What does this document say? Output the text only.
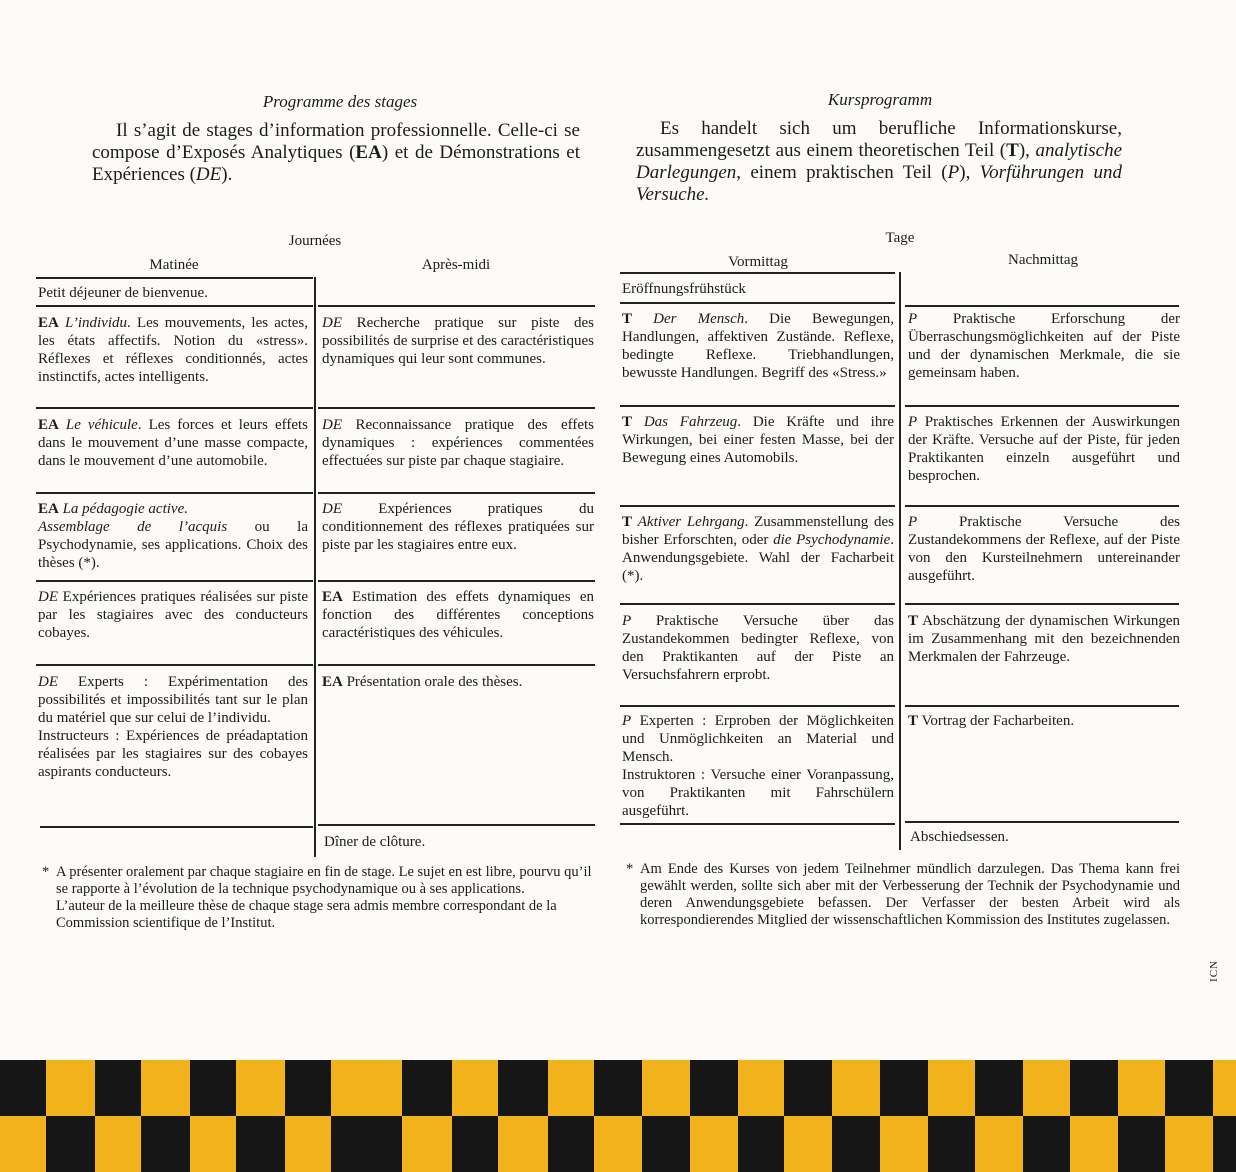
Programme des stages
Il s’agit de stages d’information professionnelle. Celle-ci se compose d’Exposés Analytiques (EA) et de Démonstrations et Expériences (DE).
Journées
Matinée	Après-midi
Petit déjeuner de bienvenue.
EA L’individu. Les mouvements, les actes, les états affectifs. Notion du «stress». Réflexes et réflexes conditionnés, actes instinctifs, actes intelligents.
EA Le véhicule. Les forces et leurs effets dans le mouvement d’une masse compacte, dans le mouvement d’une automobile.
EA La pédagogie active.
Assemblage de l’acquis ou la Psychodynamie, ses applications. Choix des thèses (*).
DE Expériences pratiques réalisées sur piste par les stagiaires avec des conducteurs cobayes.
DE Experts : Expérimentation des possibilités et impossibilités tant sur le plan du matériel que sur celui de l’individu.
Instructeurs : Expériences de préadaptation réalisées par les stagiaires sur des cobayes aspirants conducteurs.
DE Recherche pratique sur piste des possibilités de surprise et des caractéristiques dynamiques qui leur sont communes.
DE Reconnaissance pratique des effets dynamiques : expériences commentées effectuées sur piste par chaque stagiaire.
DE Expériences pratiques du conditionnement des réflexes pratiquées sur piste par les stagiaires entre eux.
EA Estimation des effets dynamiques en fonction des différentes conceptions caractéristiques des véhicules.
EA Présentation orale des thèses.
Dîner de clôture.
* A présenter oralement par chaque stagiaire en fin de stage. Le sujet en est libre, pourvu qu’il se rapporte à l’évolution de la technique psychodynamique ou à ses applications.

L’auteur de la meilleure thèse de chaque stage sera admis membre correspondant de la Commission scientifique de l’Institut.

Kursprogramm
Es handelt sich um berufliche Informationskurse, zusammengesetzt aus einem theoretischen Teil (T), analytische Darlegungen, einem praktischen Teil (P), Vorführungen und Versuche.
Tage
Vormittag	Nachmittag
Eröffnungsfrühstück
T Der Mensch. Die Bewegungen, Handlungen, affektiven Zustände. Reflexe, bedingte Reflexe. Triebhandlungen, bewusste Handlungen. Begriff des «Stress.»
T Das Fahrzeug. Die Kräfte und ihre Wirkungen, bei einer festen Masse, bei der Bewegung eines Automobils.
T Aktiver Lehrgang. Zusammenstellung des bisher Erforschten, oder die Psychodynamie. Anwendungsgebiete. Wahl der Facharbeit (*).
P Praktische Versuche über das Zustandekommen bedingter Reflexe, von den Praktikanten auf der Piste an Versuchsfahrern erprobt.
P Experten : Erproben der Möglichkeiten und Unmöglichkeiten an Material und Mensch.
Instruktoren : Versuche einer Voranpassung, von Praktikanten mit Fahrschülern ausgeführt.
P Praktische Erforschung der Überraschungsmöglichkeiten auf der Piste und der dynamischen Merkmale, die sie gemeinsam haben.
P Praktisches Erkennen der Auswirkungen der Kräfte. Versuche auf der Piste, für jeden Praktikanten einzeln ausgeführt und besprochen.
P Praktische Versuche des Zustandekommens der Reflexe, auf der Piste von den Kursteilnehmern untereinander ausgeführt.
T Abschätzung der dynamischen Wirkungen im Zusammenhang mit den bezeichnenden Merkmalen der Fahrzeuge.
T Vortrag der Facharbeiten.
Abschiedsessen.
* Am Ende des Kurses von jedem Teilnehmer mündlich darzulegen. Das Thema kann frei gewählt werden, sollte sich aber mit der Verbesserung der Technik der Psychodynamie und deren Anwendungsgebiete befassen. Der Verfasser der besten Arbeit wird als korrespondierendes Mitglied der wissenschaftlichen Kommission des Institutes zugelassen.

ICN
